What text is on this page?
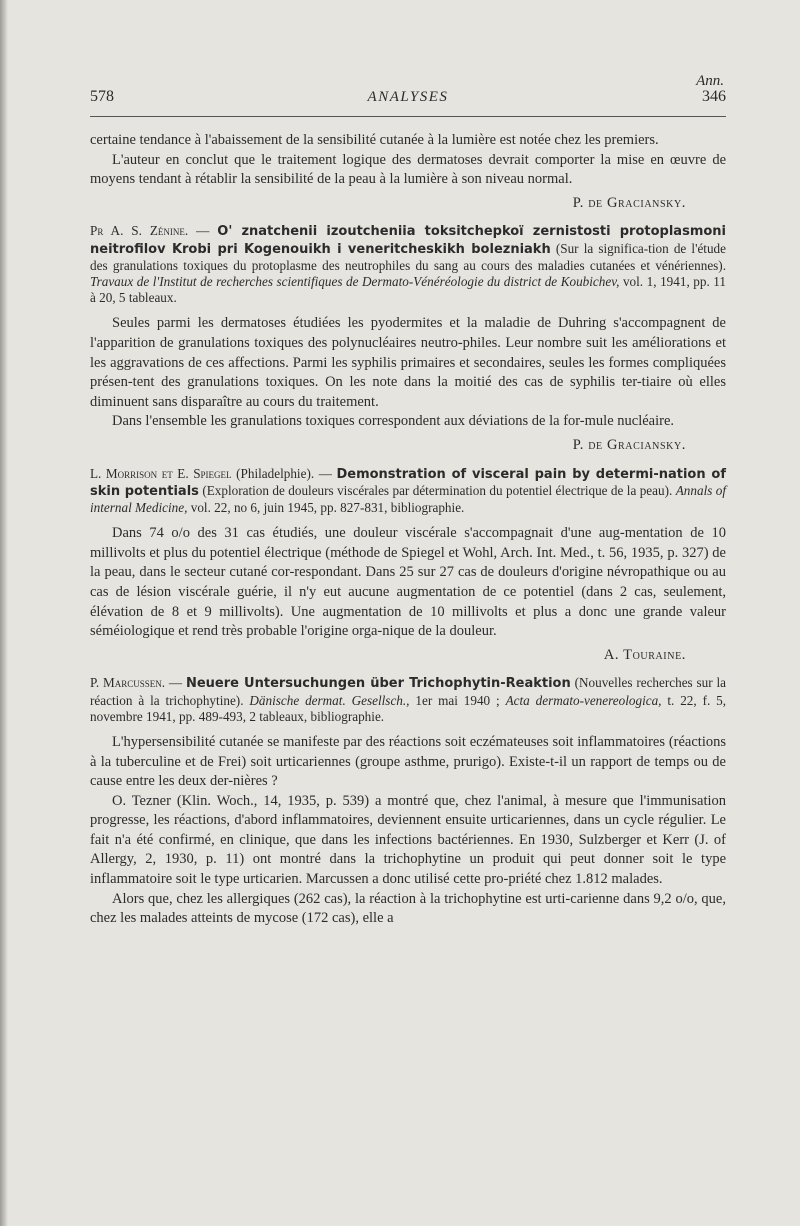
Ann.
578	ANALYSES	346

certaine tendance à l'abaissement de la sensibilité cutanée à la lumière est notée chez les premiers.

L'auteur en conclut que le traitement logique des dermatoses devrait comporter la mise en œuvre de moyens tendant à rétablir la sensibilité de la peau à la lumière à son niveau normal.

P. de Graciansky.

Pr A. S. Zénine. — O' znatchenii izoutcheniia toksitchepkoï zernistosti protoplasmoni neitrofilov Krobi pri Kogenouikh i veneritcheskikh bolezniakh (Sur la significa-tion de l'étude des granulations toxiques du protoplasme des neutrophiles du sang au cours des maladies cutanées et vénériennes). Travaux de l'Institut de recherches scientifiques de Dermato-Vénéréologie du district de Koubichev, vol. 1, 1941, pp. 11 à 20, 5 tableaux.

Seules parmi les dermatoses étudiées les pyodermites et la maladie de Duhring s'accompagnent de l'apparition de granulations toxiques des polynucléaires neutro-philes. Leur nombre suit les améliorations et les aggravations de ces affections. Parmi les syphilis primaires et secondaires, seules les formes compliquées présen-tent des granulations toxiques. On les note dans la moitié des cas de syphilis ter-tiaire où elles diminuent sans disparaître au cours du traitement.

Dans l'ensemble les granulations toxiques correspondent aux déviations de la for-mule nucléaire.

P. de Graciansky.

L. Morrison et E. Spiegel (Philadelphie). — Demonstration of visceral pain by determi-nation of skin potentials (Exploration de douleurs viscérales par détermination du potentiel électrique de la peau). Annals of internal Medicine, vol. 22, no 6, juin 1945, pp. 827-831, bibliographie.

Dans 74 o/o des 31 cas étudiés, une douleur viscérale s'accompagnait d'une aug-mentation de 10 millivolts et plus du potentiel électrique (méthode de Spiegel et Wohl, Arch. Int. Med., t. 56, 1935, p. 327) de la peau, dans le secteur cutané cor-respondant. Dans 25 sur 27 cas de douleurs d'origine névropathique ou au cas de lésion viscérale guérie, il n'y eut aucune augmentation de ce potentiel (dans 2 cas, seulement, élévation de 8 et 9 millivolts). Une augmentation de 10 millivolts et plus a donc une grande valeur séméiologique et rend très probable l'origine orga-nique de la douleur.

A. Touraine.

P. Marcussen. — Neuere Untersuchungen über Trichophytin-Reaktion (Nouvelles recherches sur la réaction à la trichophytine). Dänische dermat. Gesellsch., 1er mai 1940 ; Acta dermato-venereologica, t. 22, f. 5, novembre 1941, pp. 489-493, 2 tableaux, bibliographie.

L'hypersensibilité cutanée se manifeste par des réactions soit eczémateuses soit inflammatoires (réactions à la tuberculine et de Frei) soit urticariennes (groupe asthme, prurigo). Existe-t-il un rapport de temps ou de cause entre les deux der-nières ?

O. Tezner (Klin. Woch., 14, 1935, p. 539) a montré que, chez l'animal, à mesure que l'immunisation progresse, les réactions, d'abord inflammatoires, deviennent ensuite urticariennes, dans un cycle régulier. Le fait n'a été confirmé, en clinique, que dans les infections bactériennes. En 1930, Sulzberger et Kerr (J. of Allergy, 2, 1930, p. 11) ont montré dans la trichophytine un produit qui peut donner soit le type inflammatoire soit le type urticarien. Marcussen a donc utilisé cette pro-priété chez 1.812 malades.

Alors que, chez les allergiques (262 cas), la réaction à la trichophytine est urti-carienne dans 9,2 o/o, que, chez les malades atteints de mycose (172 cas), elle a
